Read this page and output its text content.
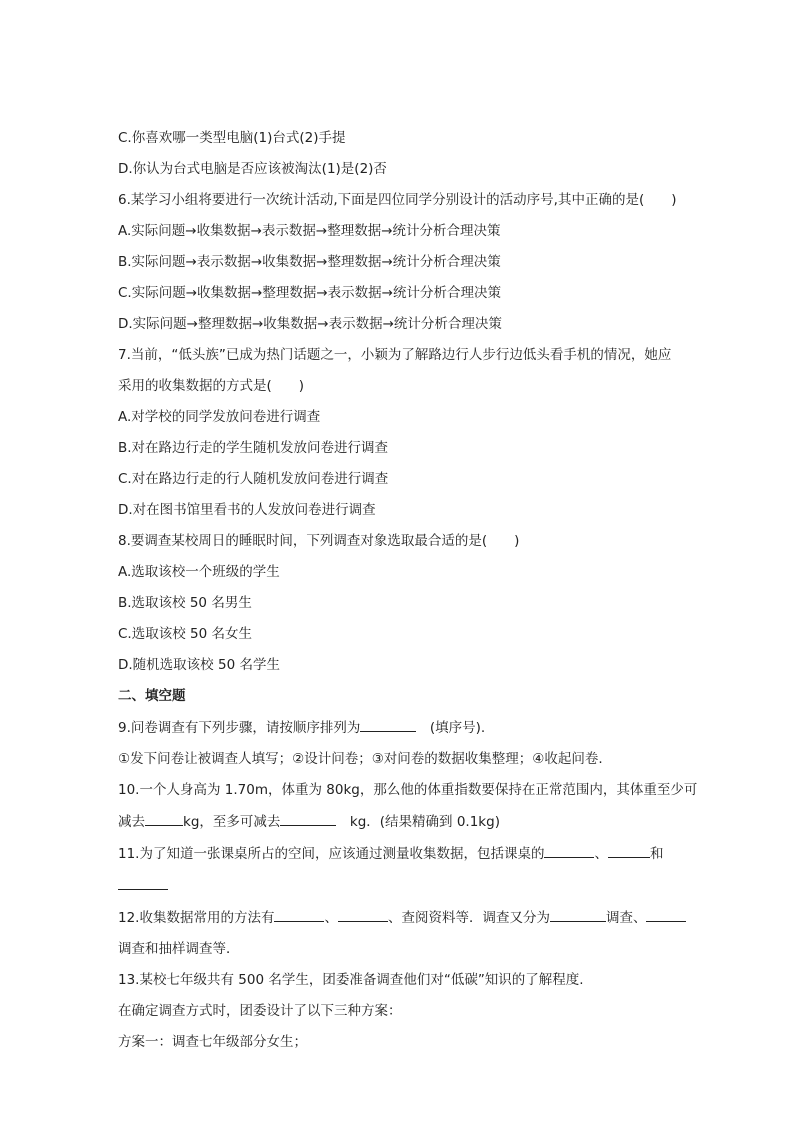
C.你喜欢哪一类型电脑(1)台式(2)手提

D.你认为台式电脑是否应该被淘汰(1)是(2)否

6.某学习小组将要进行一次统计活动,下面是四位同学分别设计的活动序号,其中正确的是(　　)

A.实际问题→收集数据→表示数据→整理数据→统计分析合理决策

B.实际问题→表示数据→收集数据→整理数据→统计分析合理决策

C.实际问题→收集数据→整理数据→表示数据→统计分析合理决策

D.实际问题→整理数据→收集数据→表示数据→统计分析合理决策

7.当前，“低头族”已成为热门话题之一，小颖为了解路边行人步行边低头看手机的情况，她应

采用的收集数据的方式是(　　)

A.对学校的同学发放问卷进行调查

B.对在路边行走的学生随机发放问卷进行调查

C.对在路边行走的行人随机发放问卷进行调查

D.对在图书馆里看书的人发放问卷进行调查

8.要调查某校周日的睡眠时间，下列调查对象选取最合适的是(　　)

A.选取该校一个班级的学生

B.选取该校 50 名男生

C.选取该校 50 名女生

D.随机选取该校 50 名学生

二、填空题

9.问卷调查有下列步骤，请按顺序排列为	　(填序号).

①发下问卷让被调查人填写；②设计问卷；③对问卷的数据收集整理；④收起问卷.

10.一个人身高为 1.70m，体重为 80kg，那么他的体重指数要保持在正常范围内，其体重至少可

减去	kg，至多可减去	　kg．(结果精确到 0.1kg)

11.为了知道一张课桌所占的空间，应该通过测量收集数据，包括课桌的	、	和

12.收集数据常用的方法有	、	、查阅资料等．调查又分为	调查、

调查和抽样调查等．

13.某校七年级共有 500 名学生，团委准备调查他们对“低碳”知识的了解程度.

在确定调查方式时，团委设计了以下三种方案：

方案一：调查七年级部分女生；
